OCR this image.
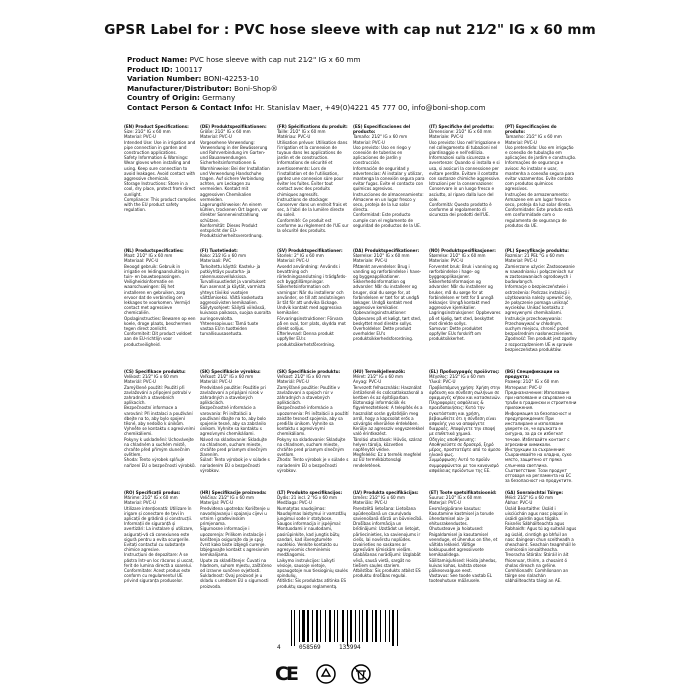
GPSR Label for : PVC hose sleeve with cap nut 21⁄2" IG x 60 mm
Product Name: PVC hose sleeve with cap nut 21⁄2" IG x 60 mm
Product ID: 100117
Variation Number: BONI-42253-10
Manufacturer/Distributor: Boni-Shop®
Country of Origin: Germany
Contact Person & Contact Info: Hr. Stanislav Maer, +49(0)4221 45 777 00, info@boni-shop.com

(EN) Product Specifications:

Size: 21⁄2" IG x 60 mm
Material: PVC-U
Intended Use: Use in irrigation and pipe connection in garden and construction applications.
Safety Information & Warnings: Wear gloves when installing and using. Keep sure connection to avoid leakages. Avoid contact with aggressive chemicals.
Storage Instructions: Store in a cool, dry place, protect from direct sunlight.
Compliance: This product complies with the EU product safety regulation.

(DE) Produktspezifikationen:

Größe: 21⁄2" IG x 60 mm
Material: PVC-U
Vorgesehene Verwendung: Verwendung in der Bewässerung und Rohrverbindung im Garten- und Bauanwendungen.
Sicherheitsinformationen & Warnhinweise: Bei der Installation und Verwendung Handschuhe tragen. Auf sichere Verbindung achten, um Leckagen zu vermeiden. Kontakt mit aggressiven Chemikalien vermeiden.
Lagerungshinweise: An einem kühlen, trockenen Ort lagern, vor direkter Sonneneinstrahlung schützen.
Konformität: Dieses Produkt entspricht der EU-Produktsicherheitsverordnung.

(FR) Spécifications du produit:

Taille: 21⁄2" IG x 60 mm
Matériau: PVC-U
Utilisation prévue: Utilisation dans l'irrigation et la connexion de tuyaux dans les applications de jardin et de construction.
Informations de sécurité et avertissements: Lors de l'installation et de l'utilisation, gardez une connexion sûre pour éviter les fuites. Éviter tout contact avec des produits chimiques agressifs.
Instructions de stockage: Conserver dans un endroit frais et sec, à l'abri de la lumière directe du soleil.
Conformité: Ce produit est conforme au règlement de l'UE sur la sécurité des produits.

(ES) Especificaciones del producto:

Tamaño: 21⁄2" IG x 60 mm
Material: PVC-U
Uso previsto: Uso en riego y conexión de tuberías en aplicaciones de jardín y construcción.
Información de seguridad y advertencias: Al instalar y utilizar, mantenga la conexión segura para evitar fugas. Evite el contacto con químicos agresivos.
Instrucciones de almacenamiento: Almacene en un lugar fresco y seco, proteja de la luz solar directa.
Conformidad: Este producto cumple con el reglamento de seguridad de productos de la UE.

(IT) Specifiche del prodotto:

Dimensione: 21⁄2" IG x 60 mm
Materiale: PVC-U
Uso previsto: Uso nell'irrigazione e nel collegamento di tubazioni nel giardinaggio e nell'edilizia.
Informazioni sulla sicurezza e avvertenze: Quando si installa e si usa, si assicuri la connessione per evitare perdite. Evitare il contatto con sostanze chimiche aggressive.
Istruzioni per la conservazione: Conservare in un luogo fresco e asciutto, al riparo dalla luce del sole.
Conformità: Questo prodotto è conforme al regolamento di sicurezza dei prodotti dell'UE.

(PT) Especificações do produto:

Tamanho: 21⁄2" IG x 60 mm
Material: PVC-U
Uso pretendido: Uso em irrigação e conexão de tubulação em aplicações de jardim e construção.
Informações de segurança e avisos: Ao instalar e usar, mantenha a conexão segura para evitar vazamentos. Evite contato com produtos químicos agressivos.
Instruções de armazenamento: Armazene em um lugar fresco e seco, proteja da luz solar direta.
Conformidade: Este produto está em conformidade com o regulamento de segurança de produtos da UE.

(NL) Productspecificaties:

Maat: 21⁄2" IG x 60 mm
Materiaal: PVC-U
Beoogd gebruik: Gebruik in irrigatie en leidingaansluiting in tuin- en bouwtoepassingen.
Veiligheidsinformatie en waarschuwingen: Bij het installeren en gebruiken, zorg ervoor dat de verbinding om lekkages te voorkomen. Vermijd contact met agressieve chemicaliën.
Opslaginstructies: Bewaren op een koele, droge plaats, beschermen tegen direct zonlicht.
Conformiteit: Dit product voldoet aan de EU-richtlijn voor productveiligheid.

(FI) Tuotetiedot:

Koko: 21⁄2 IG x 60 mm
Materiaali: PVC
Tarkoitettu käyttö: Kastelu- ja putkiyhtäys puutarha- ja rakennussovelluksissa.
Turvallisuustiedot ja varoitukset: Kun asennat ja käytät, varmista yhteys tiiviiksi vuotojen välttämiseksi. Vältä kosketusta aggressiivisten kemikaalien.
Säilytysohjeet: Säilytä viileässä, kuivassa paikassa, suojaa suoralta auringonvalolta.
Yhteensopivuus: Tämä tuote vastaa EU:n tuotteiden turvallisuusasetusta.

(SV) Produktspecifikationer:

Storlek: 2" IG x 60 mm
Material: PVC-U
Avsedd användning: Används i bevattning och rörledningsanslutning i trädgårds- och byggtillämpningar.
Säkerhetsinformation och varningar: När du installerar och använder, se till att anslutningen är tät för att undvika läckage. Undvik kontakt med aggressiva kemikalier.
Förvaringsinstruktioner: Förvara på en sval, torr plats, skydda mot direkt solljus.
Efterlevnad: Denna produkt uppfyller EU:s produktsäkerhetsförordning.

(DA) Produktspecifikationer:

Størrelse: 21⁄2" IG x 60 mm
Materiale: PVC-U
Påtænkt anvendelse: Brug i vanding og rørforbindelse i have- og byggeapplikationer.
Sikkerhedsinformation og advarsler: Når du installerer og bruger, skal du sørge for, at forbindelsen er tæt for at undgå lækager. Undgå kontakt med aggressive kemikalier.
Opbevaringsinstruktioner: Opbevares på et køligt, tørt sted, beskyttet mod direkte sollys.
Overholdelse: Dette produkt overholder EU's produktsikkerhedsforordning.

(NO) Produktspesifikasjoner:

Størrelse: 21⁄2" IG x 60 mm
Materiale: PVC-U
Forventet bruk: Bruk i vanning og rørforbindelse i hage- og byggeapplikasjoner.
Sikkerhetsinformasjon og advarsler: Når du installerer og bruker, må du sørge for at forbindelsen er tett for å unngå lekkasjer. Unngå kontakt med aggressive kjemikalier.
Lagringsinstruksjoner: Oppbevares på et kjølig, tørt sted, beskyttet mot direkte sollys.
Samsvar: Dette produktet oppfyller EUs forskrift om produktsikkerhet.

(PL) Specyfikacje produktu:

Rozmiar: 21 PEŁ "G x 60 mm
Materiał: PVC-U
Zamierzone użycie: Zastosowanie w nawadnianiu i połączeniach rur w zastosowaniach ogrodowych i budowlanych.
Informacje o bezpieczeństwie i ostrzeżenia: Podczas instalacji i użytkowania należy upewnić się, że połączenie pomaga uniknąć wycieków. Unikać kontaktu z agresywnymi chemikaliami.
Instrukcje przechowywania: Przechowywać w chłodnym, suchym miejscu, chronić przed bezpośrednim nasłonecznieniem.
Zgodność: Ten produkt jest zgodny z rozporządzeniem UE w sprawie bezpieczeństwa produktów.

(CS) Specifikace produktu:

Velikost: 21⁄2" IG x 60 mm
Materiál: PVC-U
Zamýšlené použití: Použití při zavlažování a připojení potrubí v zahradních a stavebních aplikacích.
Bezpečnostní informace a varování: Při instalaci a používání dbejte na to, aby bylo spojení těsné, aby nedošlo k únikům. Vyhněte se kontaktu s agresivními chemikáliemi.
Pokyny k uskladnění: Uchovávejte na chladném a suchém místě, chraňte před přímým slunečním světlem.
Shoda: Tento výrobek splňuje nařízení EU o bezpečnosti výrobků.

(SK) Špecifikácie výrobku:

Veľkosť: 21⁄2" IG x 60 mm
Materiál: PVC-U
Predvídané použitie: Použitie pri zavlažovaní a pripájaní rúrok v záhradných a stavebných aplikáciách.
Bezpečnostné informácie a varovania: Pri inštalácii a používaní dbajte na to, aby bolo spojenie tesné, aby sa zabránilo únikom. Vyhnite sa kontaktu s agresívnymi chemikáliami.
Návod na skladovanie: Skladujte na chladnom, suchom mieste, chráňte pred priamym slnečným žiarením.
Súlad: Tento výrobok je v súlade s nariadením EÚ o bezpečnosti výrobkov.

(SK) Špecifikácie produktu:

Veľkosť: 21⁄2" IG x 60 mm
Materiál: PVC-U
Zamýšľané použitie: Použitie v zavlažovaní a spojoch rúr v záhradných a stavebných aplikáciách.
Bezpečnostné informácie a upozornenia: Pri inštalácii a použití zaistite tesnosť spojenia, aby sa predišlo únikom. Vyhnite sa kontaktu s agresívnymi chemikáliami.
Pokyny na skladovanie: Skladujte na chladnom, suchom mieste, chráňte pred priamym slnečným svetlom.
Zhoda: Tento výrobok je v súlade s nariadením EÚ o bezpečnosti výrobkov.

(HU) Termékjellemzők:

Méret: 21⁄2" IG x 60 mm
Anyag: PVC-U
Tervezett felhasználás: Használat öntözésnél és csőcsatlakozásnál a kertben és az építőiparban.
Biztonsági információk és figyelmeztetések: A telepítés és a használat során győződjön meg arról, hogy a kapcsolat erős a szivárgás elkerülése érdekében. Kerülje az agresszív vegyszerekkel való érintkezést.
Tárolási utasítások: Hűvös, száraz helyen tárolja, közvetlen napfénytől védve.
Megfelelés: Ez a termék megfelel az EU termékbiztonsági rendeletének.

(EL) Προδιαγραφές προϊόντος:

Μέγεθος: 21⁄2" IG x 60 mm
Υλικό: PVC-U
Προβλεπόμενη χρήση: Χρήση στην άρδευση και σύνδεση σωλήνων σε εφαρμογές κήπου και κατασκευών.
Πληροφορίες ασφάλειας & προειδοποιήσεις: Κατά την εγκατάσταση και χρήση, βεβαιωθείτε ότι η σύνδεση είναι ασφαλής για να αποφύγετε διαρροές. Αποφύγετε την επαφή με επιθετικά χημικά.
Οδηγίες αποθήκευσης: Αποθηκεύστε σε δροσερό, ξηρό μέρος, προστατέψτε από το άμεσο ηλιακό φως.
Συμμόρφωση: Αυτό το προϊόν συμμορφώνεται με τον κανονισμό ασφάλειας προϊόντων της ΕΕ.

(BG) Спецификации на продукта:

Размер: 21⁄2" IG x 60 mm
Материал: PVC-U
Предназначение: Използване при напояване и свързване на тръби в градински и строителни приложения.
Информация за безопасност и предупреждения: При инсталиране и използване уверете се, че връзката е сигурна, за да се избегнат течове. Избягвайте контакт с агресивни химикали.
Инструкции за съхранение: Съхранявайте на хладно, сухо място, защитено от пряка слънчева светлина.
Съответствие: Този продукт отговаря на регламента на ЕС за безопасност на продуктите.

(RO) Specificații produs:

Mărime: 21⁄2" IG x 60 mm
Material: PVC-U
Utilizare intenționată: Utilizare în irigare și conectare de țevi în aplicații de grădină și construcții.
Informații de siguranță și avertizări: La instalare și utilizare, asigurați-vă că conexiunea este sigură pentru a evita scurgerile. Evitați contactul cu substanțe chimice agresive.
Instrucțiuni de depozitare: A se păstra într-un loc răcoros și uscat, ferit de lumina directă a soarelui.
Conformitate: Acest produs este conform cu regulamentul UE privind siguranța produselor.

(HR) Specifikacije proizvoda:

Veličina: 21⁄2" IG x 60 mm
Materijal: PVC-U
Predviđena upotreba: Korištenje u navodnjavanju i spajanju cijevi u vrtnim i građevinskim primjenama.
Sigurnosne informacije i upozorenja: Prilikom instalacije i korištenja osigurajte da je spoj čvrst kako biste izbjegli curenje. Izbjegavajte kontakt s agresivnim kemikalijama.
Upute za skladištenje: Čuvati na hladnom, suhom mjestu, zaštićeno od izravne sunčeve svjetlosti.
Sukladnost: Ovaj proizvod je u skladu s uredbom EU o sigurnosti proizvoda.

(LT) Produkto specifikacijos:

Dydis: 21 incl. 2 "IG x 60 mm
Medžiaga: PVC-U
Numatytas naudojimas: Naudojimas laistymui ir vamzdžių jungimui sode ir statybose.
Saugos informacija ir įspėjimai: Montuodami ir naudodami, pasirūpinkite, kad jungtis būtų sandari, kad išvengtumėte nuotėkio. Venkite kontakto su agresyviomis cheminėmis medžiagomis.
Laikymo instrukcijos: Laikyti vėsioje, sausoje vietoje, apsaugotoje nuo tiesioginių saulės spindulių.
Atitiktis: Šis produktas atitinka ES produktų saugos reglamentą.

(LV) Produkta specifikācijas:

Izmērs: 21⁄2" IG x 60 mm
Materiāls: PVC-U
Paredzētā lietošana: Lietošana apūdeņošanā un cauruļvadu savienošanā dārzā un būvniecībā.
Drošības informācija un brīdinājumi: Uzstādot un lietojot, pārliecinieties, ka savienojums ir ciešs, lai novērstu noplūdes. Izvairieties no saskares ar agresīvām ķīmiskām vielām.
Glabāšanas norādījumi: Uzglabāt vēsā, sausā vietā, sargāt no tiešiem saules stariem.
Atbilstība: Šis produkts atbilst ES produktu drošības regulai.

(ET) Toote spetsifikatsioonid:

Suurus: 21⁄2" IG x 60 mm
Materjal: PVC-U
Eesmärgipärane kasutus: Kasutamine kastmisel ja torude ühendamisel aia- ja ehitusrakendustes.
Ohutusteave ja hoiatused: Paigaldamisel ja kasutamisel veenduge, et ühendus on tihe, et vältida lekkeid. Vältige kokkupuudet agressiivsete kemikaalidega.
Säilitamisjuhised: Hoida jahedas, kuivas kohas, kaitsta otsese päikesevalguse eest.
Vastavus: See toode vastab EL tooteohutuse määrusele.

(GA) Sonraíochtaí Táirge:

Méid: 21⁄2" IG x 60 mm
Ábhar: PVC-U
Úsáid Beartaithe: Úsáid i uisciúchán agus nasc píopaí in úsáidí gairdín agus tógála.
Faisnéis Sábháilteachta agus Rabhaidh: Agus tú ag suiteáil agus ag úsáid, cinntigh go bhfuil an nasc daingean chun sceitheadh a sheachaint. Seachain teagmháil le ceimiceáin ionsaitheacha.
Treoracha Stórála: Stóráil in áit fhionnuar, thirim, a chosaint ó sholas díreach na gréine.
Comhlíonadh: Comhlíonann an táirge seo rialachán sábháilteachta táirgí an AE.

4	058569	133994
CE
